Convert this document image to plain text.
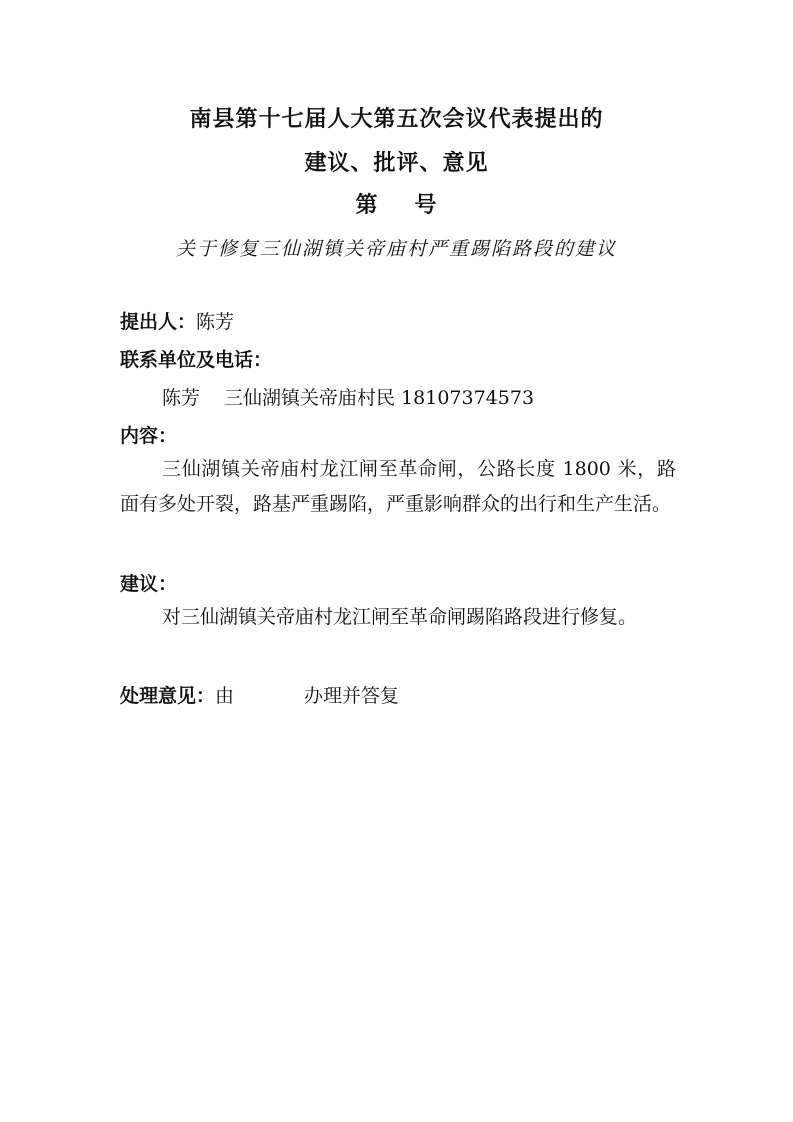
南县第十七届人大第五次会议代表提出的
建议、批评、意见
第 号
关于修复三仙湖镇关帝庙村严重踢陷路段的建议
提出人：陈芳
联系单位及电话：
陈芳 三仙湖镇关帝庙村民 18107374573
内容：
三仙湖镇关帝庙村龙江闸至革命闸，公路长度 1800 米，路面有多处开裂，路基严重踢陷，严重影响群众的出行和生产生活。
建议：
对三仙湖镇关帝庙村龙江闸至革命闸踢陷路段进行修复。
处理意见：由	办理并答复
